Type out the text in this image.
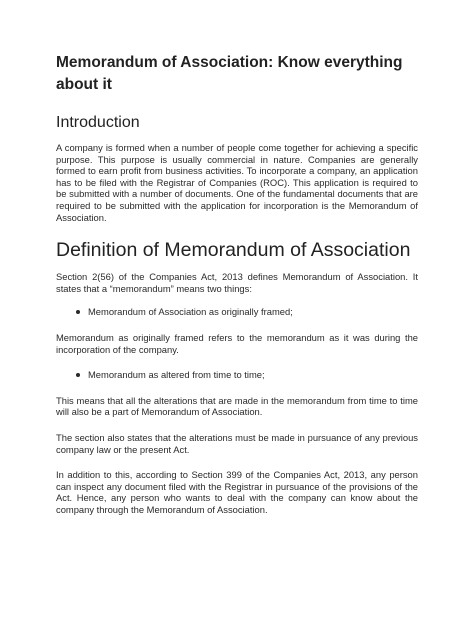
Memorandum of Association: Know everything about it
Introduction

A company is formed when a number of people come together for achieving a specific purpose. This purpose is usually commercial in nature. Companies are generally formed to earn profit from business activities. To incorporate a company, an application has to be filed with the Registrar of Companies (ROC). This application is required to be submitted with a number of documents. One of the fundamental documents that are required to be submitted with the application for incorporation is the Memorandum of Association.

Definition of Memorandum of Association

Section 2(56) of the Companies Act, 2013 defines Memorandum of Association. It states that a “memorandum” means two things:

Memorandum of Association as originally framed;

Memorandum as originally framed refers to the memorandum as it was during the incorporation of the company.

Memorandum as altered from time to time;

This means that all the alterations that are made in the memorandum from time to time will also be a part of Memorandum of Association.

The section also states that the alterations must be made in pursuance of any previous company law or the present Act.

In addition to this, according to Section 399 of the Companies Act, 2013, any person can inspect any document filed with the Registrar in pursuance of the provisions of the Act. Hence, any person who wants to deal with the company can know about the company through the Memorandum of Association.
